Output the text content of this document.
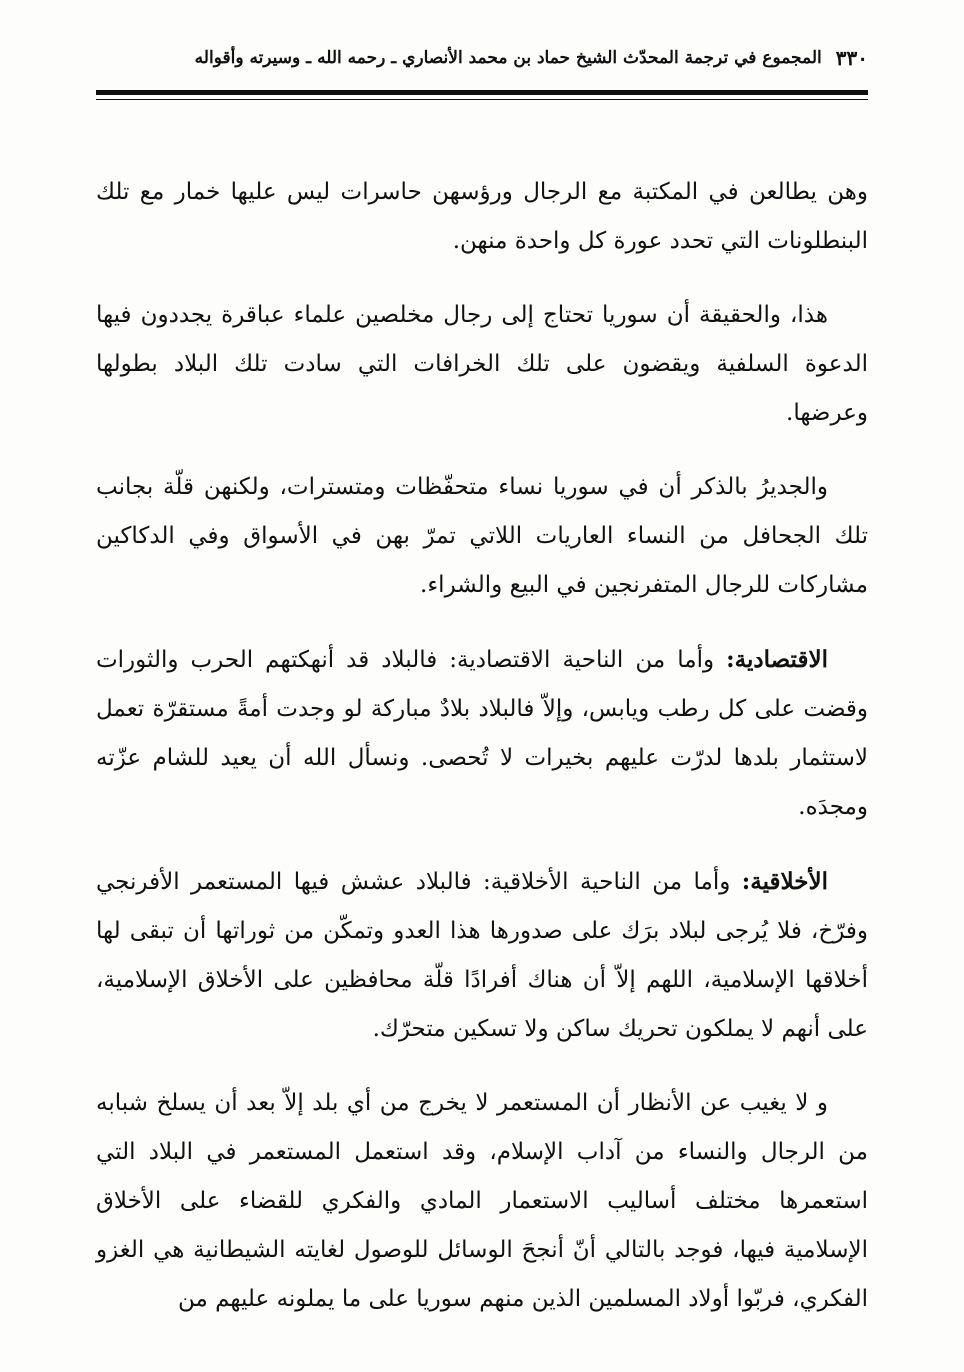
٣٣٠
المجموع في ترجمة المحدّث الشيخ حماد بن محمد الأنصاري ـ رحمه الله ـ وسيرته وأقواله

وهن يطالعن في المكتبة مع الرجال ورؤسهن حاسرات ليس عليها خمار مع تلك البنطلونات التي تحدد عورة كل واحدة منهن.

هذا، والحقيقة أن سوريا تحتاج إلى رجال مخلصين علماء عباقرة يجددون فيها الدعوة السلفية ويقضون على تلك الخرافات التي سادت تلك البلاد بطولها وعرضها.

والجديرُ بالذكر أن في سوريا نساء متحفّظات ومتسترات، ولكنهن قلّة بجانب تلك الجحافل من النساء العاريات اللاتي تمرّ بهن في الأسواق وفي الدكاكين مشاركات للرجال المتفرنجين في البيع والشراء.

الاقتصادية: وأما من الناحية الاقتصادية: فالبلاد قد أنهكتهم الحرب والثورات وقضت على كل رطب ويابس، وإلاّ فالبلاد بلادٌ مباركة لو وجدت أمةً مستقرّة تعمل لاستثمار بلدها لدرّت عليهم بخيرات لا تُحصى. ونسأل الله أن يعيد للشام عزّته ومجدَه.

الأخلاقية: وأما من الناحية الأخلاقية: فالبلاد عشش فيها المستعمر الأفرنجي وفرّخ، فلا يُرجى لبلاد برَك على صدورها هذا العدو وتمكّن من ثوراتها أن تبقى لها أخلاقها الإسلامية، اللهم إلاّ أن هناك أفرادًا قلّة محافظين على الأخلاق الإسلامية، على أنهم لا يملكون تحريك ساكن ولا تسكين متحرّك.

و لا يغيب عن الأنظار أن المستعمر لا يخرج من أي بلد إلاّ بعد أن يسلخ شبابه من الرجال والنساء من آداب الإسلام، وقد استعمل المستعمر في البلاد التي استعمرها مختلف أساليب الاستعمار المادي والفكري للقضاء على الأخلاق الإسلامية فيها، فوجد بالتالي أنّ أنجحَ الوسائل للوصول لغايته الشيطانية هي الغزو الفكري، فربّوا أولاد المسلمين الذين منهم سوريا على ما يملونه عليهم من
